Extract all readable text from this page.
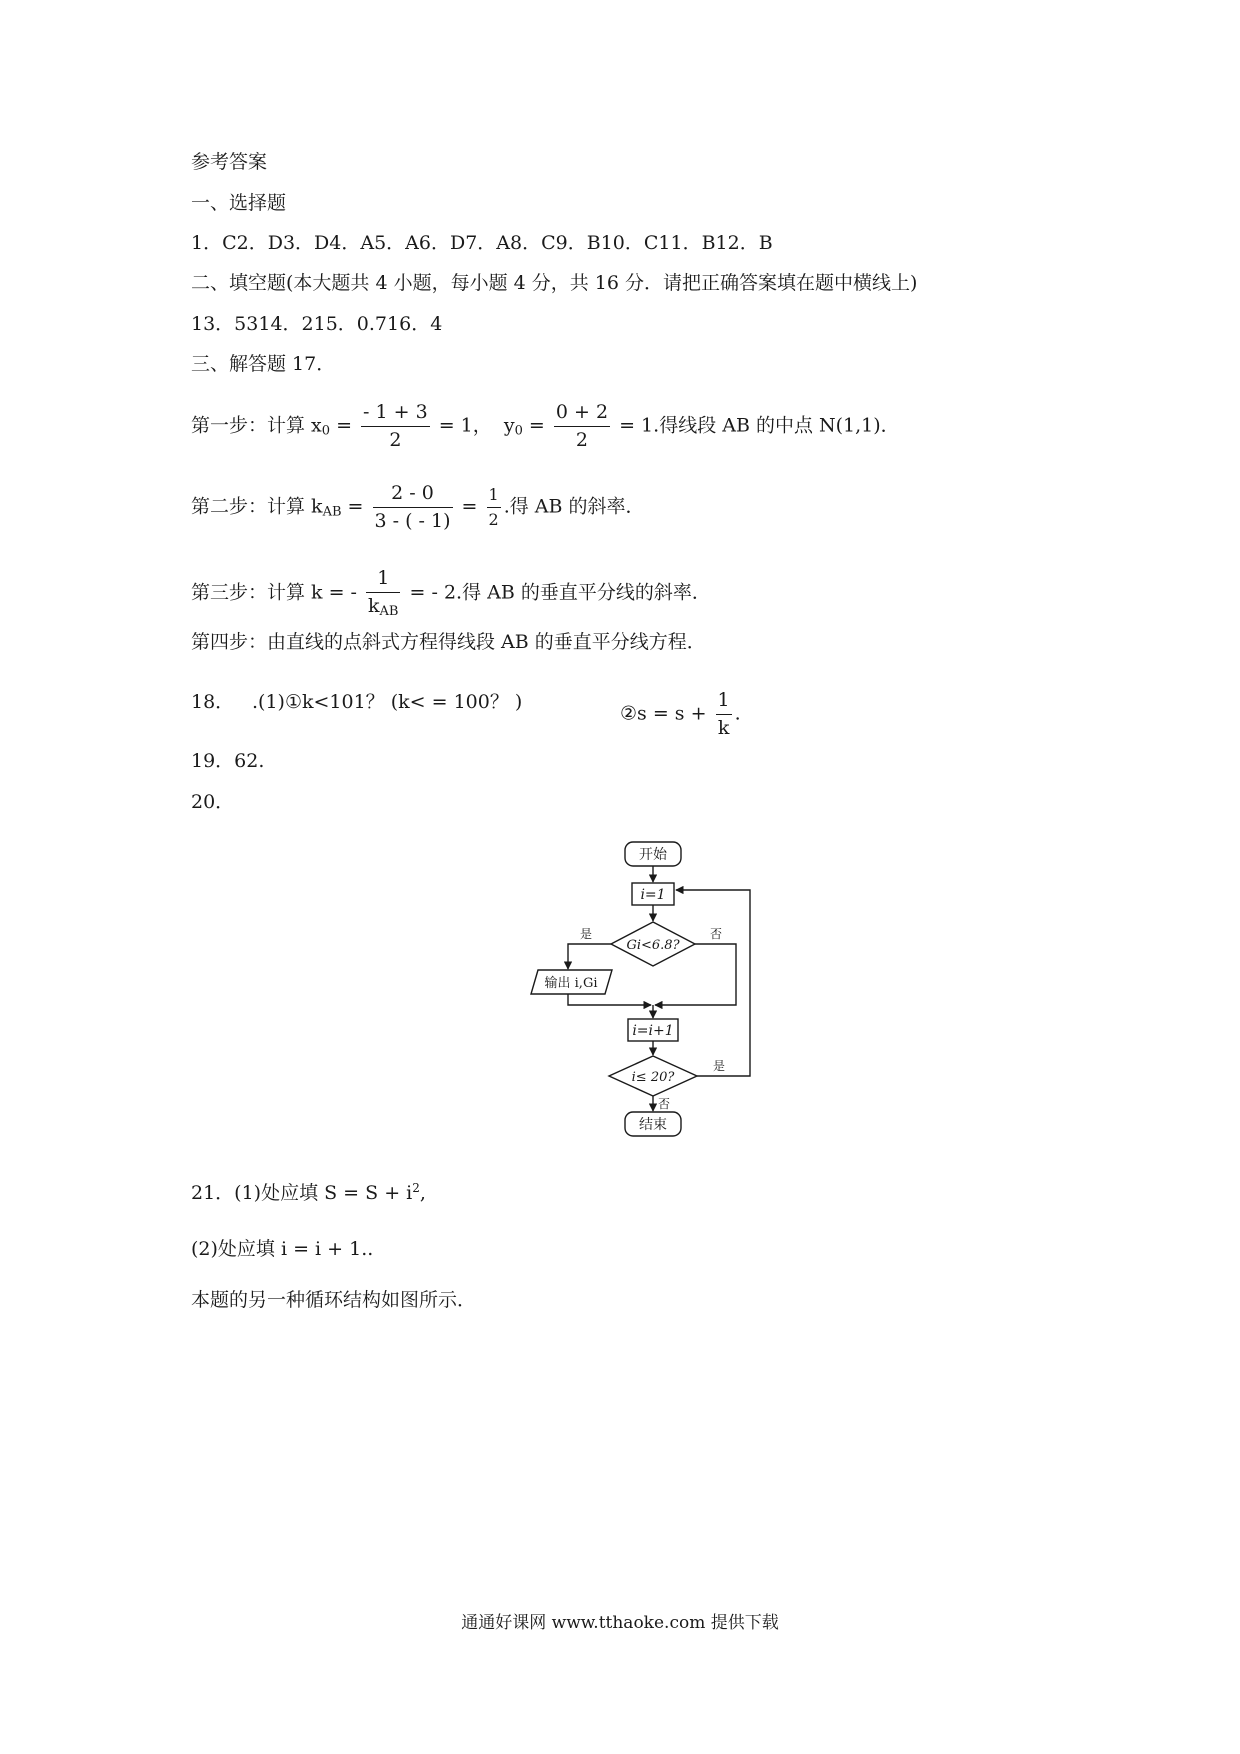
参考答案
一、选择题
1．C2．D3．D4．A5．A6．D7．A8．C9．B10．C11．B12．B
二、填空题(本大题共 4 小题，每小题 4 分，共 16 分．请把正确答案填在题中横线上)
13．5314．215．0.716．4
三、解答题 17．
第一步：计算 $x_0 = \frac{- 1 + 3}{2} = 1$，  $y_0 = \frac{0 + 2}{2} = 1$.得线段 AB 的中点 N(1,1)．
第二步：计算 $k_{AB} = \frac{2 - 0}{3 - ( - 1)} = \frac{1}{2}$ .得 AB 的斜率．
第三步：计算 k = - $\frac{1}{k_{AB}}$ = - 2.得 AB 的垂直平分线的斜率．
第四步：由直线的点斜式方程得线段 AB 的垂直平分线方程．
18． .(1)①k<101？ (k< = 100？ )
②s = $s + \frac{1}{k}$ .
19．62.
20．
开始
i=1
Gi<6.8?
是	否
输出 i,Gi
i=i+1
i≤ 20?
是
否
结束
21．(1)处应填 $S = S + i^2$,
(2)处应填 i = i + 1..
本题的另一种循环结构如图所示．
通通好课网 www.tthaoke.com 提供下载
